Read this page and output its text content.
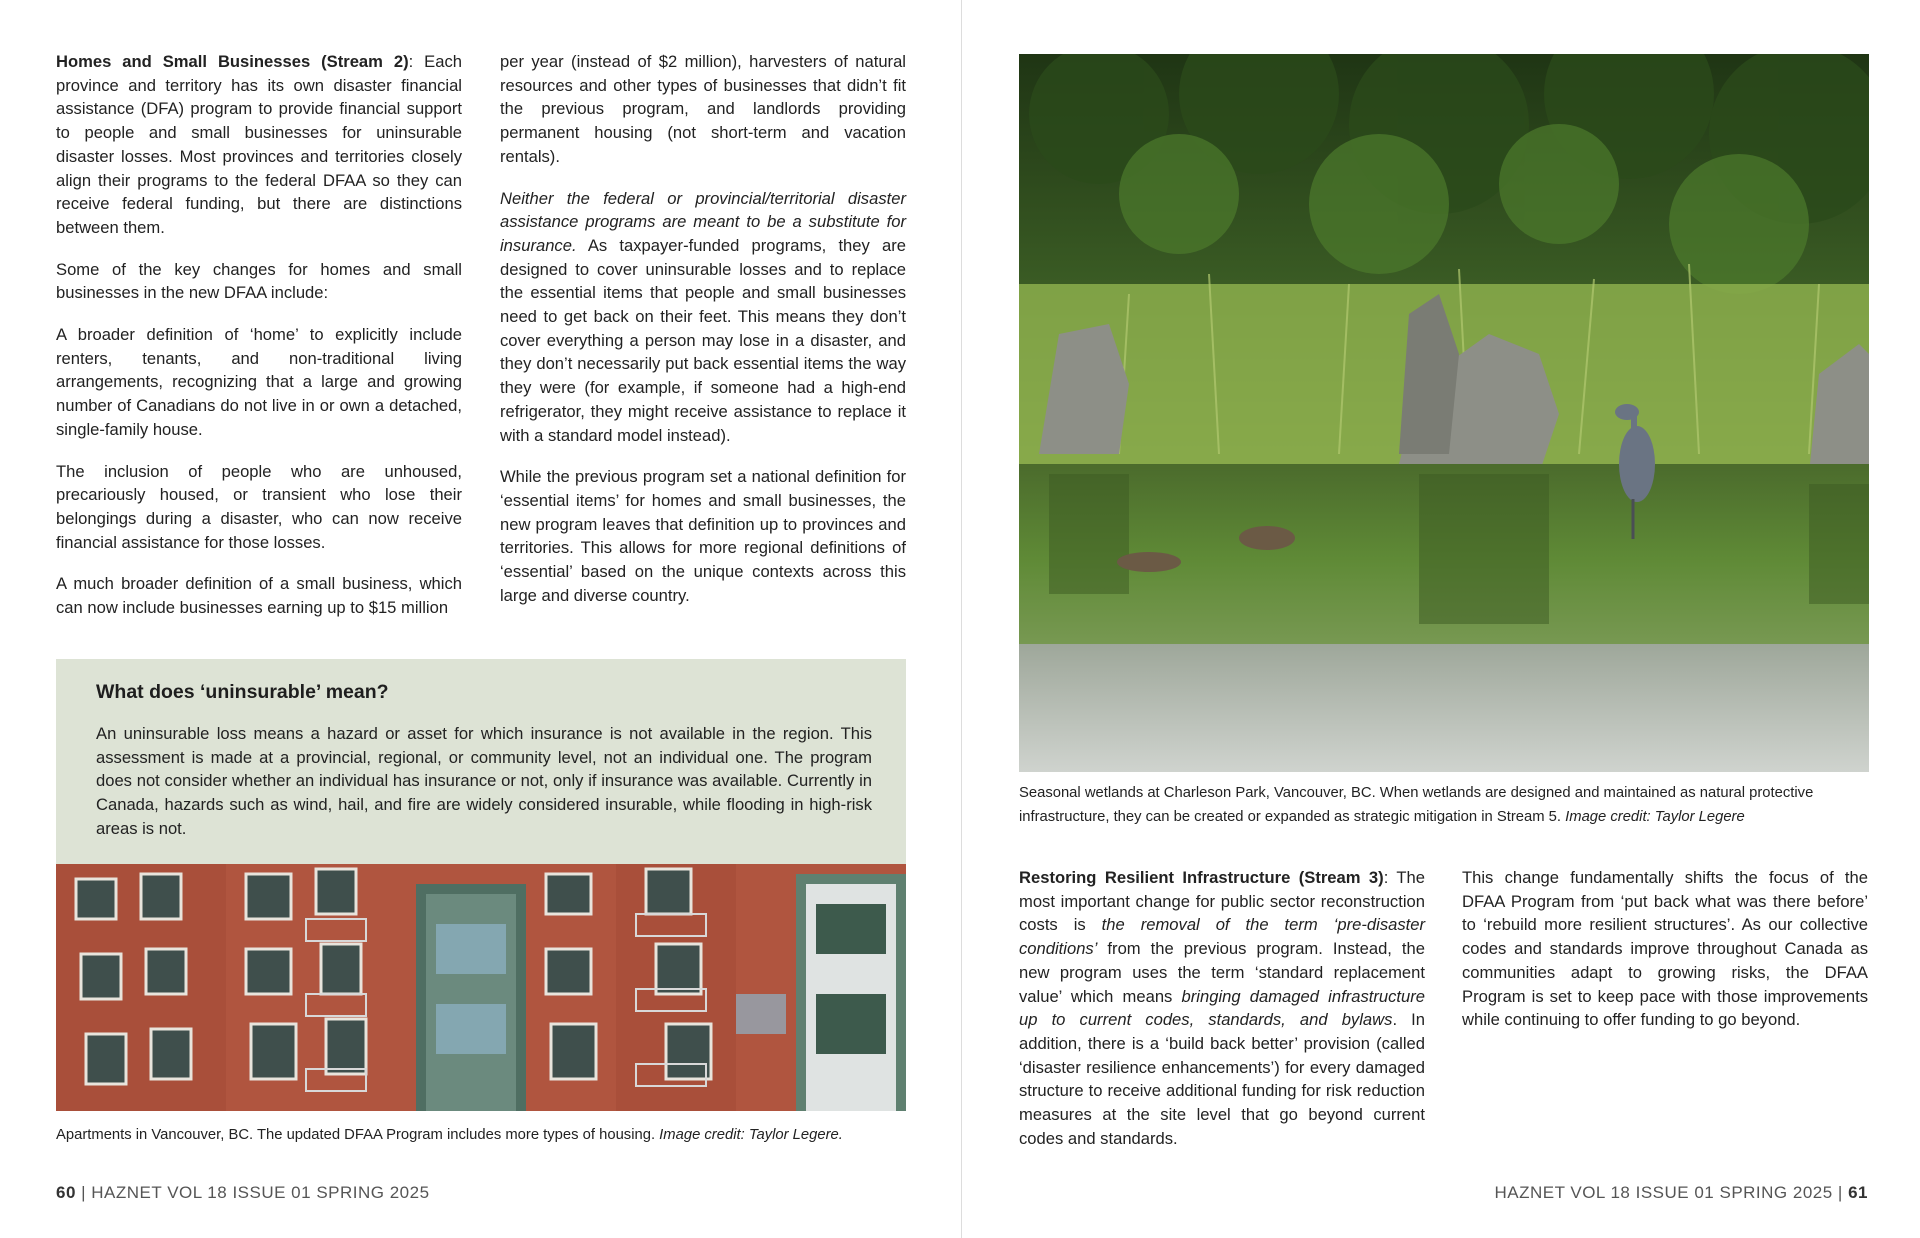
Homes and Small Businesses (Stream 2): Each province and territory has its own disaster financial assistance (DFA) program to provide financial support to people and small businesses for uninsurable disaster losses. Most provinces and territories closely align their programs to the federal DFAA so they can receive federal funding, but there are distinctions between them.

Some of the key changes for homes and small businesses in the new DFAA include:

A broader definition of ‘home’ to explicitly include renters, tenants, and non-traditional living arrangements, recognizing that a large and growing number of Canadians do not live in or own a detached, single-family house.

The inclusion of people who are unhoused, precariously housed, or transient who lose their belongings during a disaster, who can now receive financial assistance for those losses.

A much broader definition of a small business, which can now include businesses earning up to $15 million

per year (instead of $2 million), harvesters of natural resources and other types of businesses that didn’t fit the previous program, and landlords providing permanent housing (not short-term and vacation rentals).

Neither the federal or provincial/territorial disaster assistance programs are meant to be a substitute for insurance. As taxpayer-funded programs, they are designed to cover uninsurable losses and to replace the essential items that people and small businesses need to get back on their feet. This means they don’t cover everything a person may lose in a disaster, and they don’t necessarily put back essential items the way they were (for example, if someone had a high-end refrigerator, they might receive assistance to replace it with a standard model instead).

While the previous program set a national definition for ‘essential items’ for homes and small businesses, the new program leaves that definition up to provinces and territories. This allows for more regional definitions of ‘essential’ based on the unique contexts across this large and diverse country.

What does ‘uninsurable’ mean?

An uninsurable loss means a hazard or asset for which insurance is not available in the region. This assessment is made at a provincial, regional, or community level, not an individual one. The program does not consider whether an individual has insurance or not, only if insurance was available. Currently in Canada, hazards such as wind, hail, and fire are widely considered insurable, while flooding in high-risk areas is not.

Apartments in Vancouver, BC. The updated DFAA Program includes more types of housing. Image credit: Taylor Legere.
60 | HAZNET VOL 18 ISSUE 01 SPRING 2025
Seasonal wetlands at Charleson Park, Vancouver, BC. When wetlands are designed and maintained as natural protective infrastructure, they can be created or expanded as strategic mitigation in Stream 5. Image credit: Taylor Legere

Restoring Resilient Infrastructure (Stream 3): The most important change for public sector reconstruction costs is the removal of the term ‘pre-disaster conditions’ from the previous program. Instead, the new program uses the term ‘standard replacement value’ which means bringing damaged infrastructure up to current codes, standards, and bylaws. In addition, there is a ‘build back better’ provision (called ‘disaster resilience enhancements’) for every damaged structure to receive additional funding for risk reduction measures at the site level that go beyond current codes and standards.

This change fundamentally shifts the focus of the DFAA Program from ‘put back what was there before’ to ‘rebuild more resilient structures’. As our collective codes and standards improve throughout Canada as communities adapt to growing risks, the DFAA Program is set to keep pace with those improvements while continuing to offer funding to go beyond.

HAZNET VOL 18 ISSUE 01 SPRING 2025 | 61
